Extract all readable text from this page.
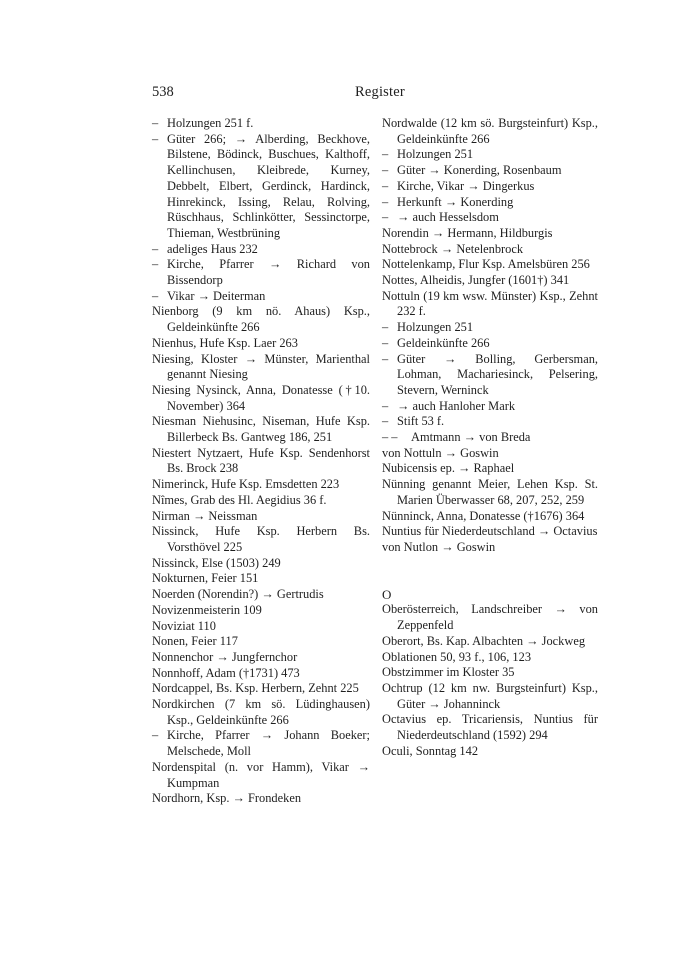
538	Register

– Holzungen 251 f.

– Güter 266; → Alberding, Beckhove, Bilstene, Bödinck, Buschues, Kalthoff, Kellinchusen, Kleibrede, Kurney, Debbelt, Elbert, Gerdinck, Hardinck, Hinrekinck, Issing, Relau, Rolving, Rüschhaus, Schlinkötter, Sessinctorpe, Thieman, Westbrüning

– adeliges Haus 232

– Kirche, Pfarrer → Richard von Bissendorp

– Vikar → Deiterman

Nienborg (9 km nö. Ahaus) Ksp., Geldeinkünfte 266

Nienhus, Hufe Ksp. Laer 263

Niesing, Kloster → Münster, Marienthal genannt Niesing

Niesing Nysinck, Anna, Donatesse (†10. November) 364

Niesman Niehusinc, Niseman, Hufe Ksp. Billerbeck Bs. Gantweg 186, 251

Niestert Nytzaert, Hufe Ksp. Sendenhorst Bs. Brock 238

Nimerinck, Hufe Ksp. Emsdetten 223

Nîmes, Grab des Hl. Aegidius 36 f.

Nirman → Neissman

Nissinck, Hufe Ksp. Herbern Bs. Vorsthövel 225

Nissinck, Else (1503) 249

Nokturnen, Feier 151

Noerden (Norendin?) → Gertrudis

Novizenmeisterin 109

Noviziat 110

Nonen, Feier 117

Nonnenchor → Jungfernchor

Nonnhoff, Adam (†1731) 473

Nordcappel, Bs. Ksp. Herbern, Zehnt 225

Nordkirchen (7 km sö. Lüdinghausen) Ksp., Geldeinkünfte 266

– Kirche, Pfarrer → Johann Boeker; Melschede, Moll

Nordenspital (n. vor Hamm), Vikar → Kumpman

Nordhorn, Ksp. → Frondeken

Nordwalde (12 km sö. Burgsteinfurt) Ksp., Geldeinkünfte 266

– Holzungen 251

– Güter → Konerding, Rosenbaum

– Kirche, Vikar → Dingerkus

– Herkunft → Konerding

– → auch Hesselsdom

Norendin → Hermann, Hildburgis

Nottebrock → Netelenbrock

Nottelenkamp, Flur Ksp. Amelsbüren 256

Nottes, Alheidis, Jungfer (1601†) 341

Nottuln (19 km wsw. Münster) Ksp., Zehnt 232 f.

– Holzungen 251

– Geldeinkünfte 266

– Güter → Bolling, Gerbersman, Lohman, Machariesinck, Pelsering, Stevern, Werninck

– → auch Hanloher Mark

– Stift 53 f.

– –	Amtmann → von Breda

von Nottuln → Goswin

Nubicensis ep. → Raphael

Nünning genannt Meier, Lehen Ksp. St. Marien Überwasser 68, 207, 252, 259

Nünninck, Anna, Donatesse (†1676) 364

Nuntius für Niederdeutschland → Octavius

von Nutlon → Goswin

O

Oberösterreich, Landschreiber → von Zeppenfeld

Oberort, Bs. Kap. Albachten → Jockweg

Oblationen 50, 93 f., 106, 123

Obstzimmer im Kloster 35

Ochtrup (12 km nw. Burgsteinfurt) Ksp., Güter → Johanninck

Octavius ep. Tricariensis, Nuntius für Niederdeutschland (1592) 294

Oculi, Sonntag 142
